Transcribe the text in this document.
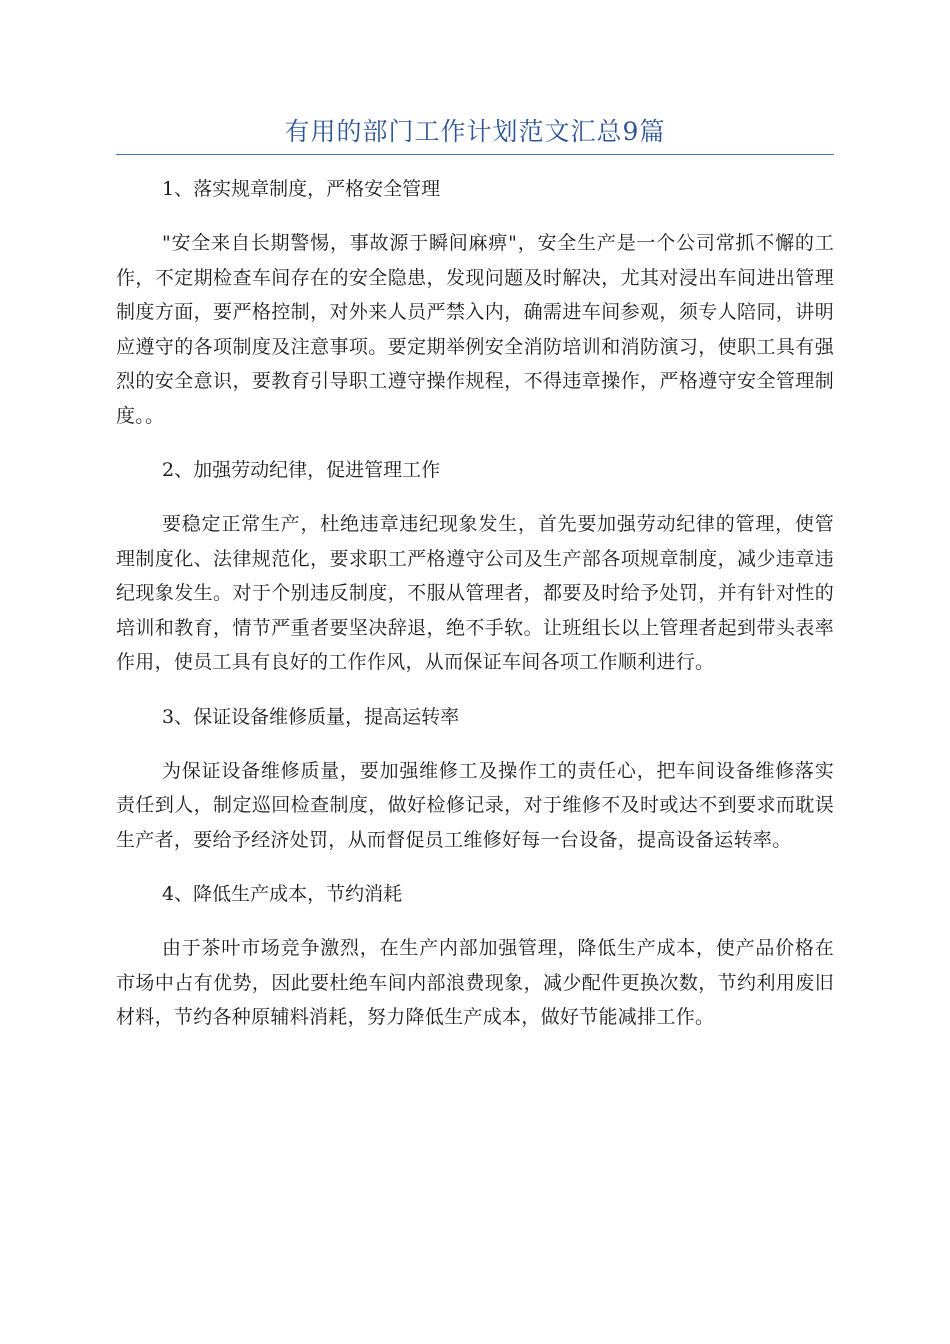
有用的部门工作计划范文汇总9篇

1、落实规章制度，严格安全管理

"安全来自长期警惕，事故源于瞬间麻痹"，安全生产是一个公司常抓不懈的工作，不定期检查车间存在的安全隐患，发现问题及时解决，尤其对浸出车间进出管理制度方面，要严格控制，对外来人员严禁入内，确需进车间参观，须专人陪同，讲明应遵守的各项制度及注意事项。要定期举例安全消防培训和消防演习，使职工具有强烈的安全意识，要教育引导职工遵守操作规程，不得违章操作，严格遵守安全管理制度。。

2、加强劳动纪律，促进管理工作

要稳定正常生产，杜绝违章违纪现象发生，首先要加强劳动纪律的管理，使管理制度化、法律规范化，要求职工严格遵守公司及生产部各项规章制度，减少违章违纪现象发生。对于个别违反制度，不服从管理者，都要及时给予处罚，并有针对性的培训和教育，情节严重者要坚决辞退，绝不手软。让班组长以上管理者起到带头表率作用，使员工具有良好的工作作风，从而保证车间各项工作顺利进行。

3、保证设备维修质量，提高运转率

为保证设备维修质量，要加强维修工及操作工的责任心，把车间设备维修落实责任到人，制定巡回检查制度，做好检修记录，对于维修不及时或达不到要求而耽误生产者，要给予经济处罚，从而督促员工维修好每一台设备，提高设备运转率。

4、降低生产成本，节约消耗

由于茶叶市场竞争激烈，在生产内部加强管理，降低生产成本，使产品价格在市场中占有优势，因此要杜绝车间内部浪费现象，减少配件更换次数，节约利用废旧材料，节约各种原辅料消耗，努力降低生产成本，做好节能减排工作。
